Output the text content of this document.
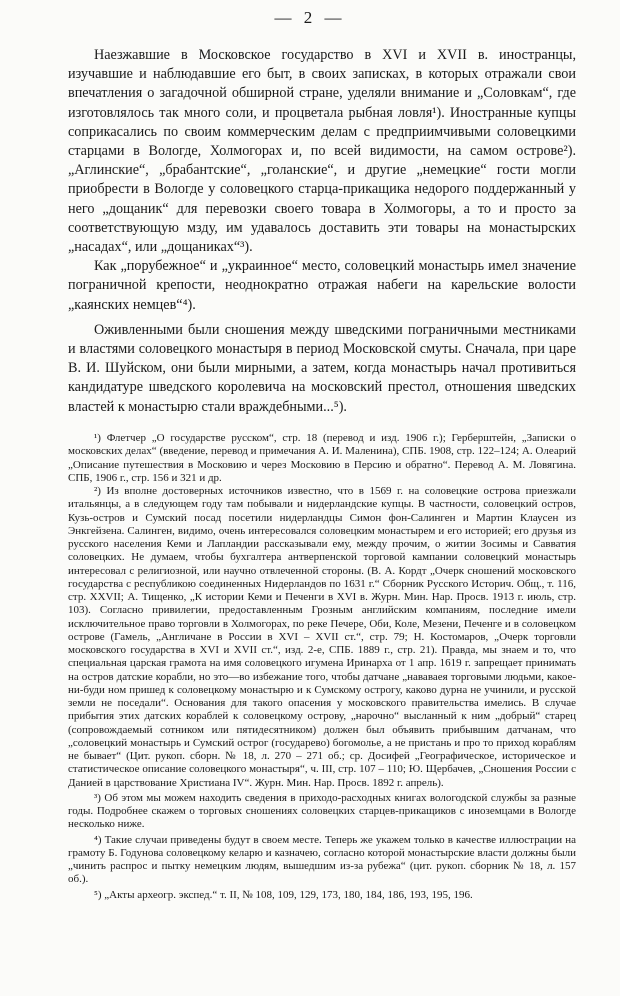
— 2 —

Наезжавшие в Московское государство в XVI и XVII в. иностранцы, изучавшие и наблюдавшие его быт, в своих записках, в которых отражали свои впечатления о загадочной обширной стране, уделяли внимание и „Соловкам“, где изготовлялось так много соли, и процветала рыбная ловля¹). Иностранные купцы соприкасались по своим коммерческим делам с предприимчивыми соловецкими старцами в Вологде, Холмогорах и, по всей видимости, на самом острове²). „Аглинские“, „брабантские“, „голанские“, и другие „немецкие“ гости могли приобрести в Вологде у соловецкого старца-прикащика недорого поддержанный у него „дощаник“ для перевозки своего товара в Холмогоры, а то и просто за соответствующую мзду, им удавалось доставить эти товары на монастырских „насадах“, или „дощаниках“³).

Как „порубежное“ и „украинное“ место, соловецкий монастырь имел значение пограничной крепости, неоднократно отражая набеги на карельские волости „каянских немцев“⁴).

Оживленными были сношения между шведскими пограничными местниками и властями соловецкого монастыря в период Московской смуты. Сначала, при царе В. И. Шуйском, они были мирными, а затем, когда монастырь начал противиться кандидатуре шведского королевича на московский престол, отношения шведских властей к монастырю стали враждебными...⁵).

¹) Флетчер „О государстве русском“, стр. 18 (перевод и изд. 1906 г.); Герберштейн, „Записки о московских делах“ (введение, перевод и примечания А. И. Маленина), СПБ. 1908, стр. 122–124; А. Олеарий „Описание путешествия в Московию и через Московию в Персию и обратно“. Перевод А. М. Ловягина. СПБ, 1906 г., стр. 156 и 321 и др.

²) Из вполне достоверных источников известно, что в 1569 г. на соловецкие острова приезжали итальянцы, а в следующем году там побывали и нидерландские купцы. В частности, соловецкий остров, Кузь-остров и Сумский посад посетили нидерландцы Симон фон-Салинген и Мартин Клаусен из Энкгейзена. Салинген, видимо, очень интересовался соловецким монастырем и его историей; его друзья из русского населения Кеми и Лапландии рассказывали ему, между прочим, о житии Зосимы и Савватия соловецких. Не думаем, чтобы бухгалтера антверпенской торговой кампании соловецкий монастырь интересовал с религиозной, или научно отвлеченной стороны. (В. А. Кордт „Очерк сношений московского государства с республикою соединенных Нидерландов по 1631 г.“ Сборник Русского Историч. Общ., т. 116, стр. XXVII; А. Тищенко, „К истории Кеми и Печенги в XVI в. Журн. Мин. Нар. Просв. 1913 г. июль, стр. 103). Согласно привилегии, предоставленным Грозным английским компаниям, последние имели исключительное право торговли в Холмогорах, по реке Печере, Оби, Коле, Мезени, Печенге и в соловецком острове (Гамель, „Англичане в России в XVI – XVII ст.“, стр. 79; Н. Костомаров, „Очерк торговли московского государства в XVI и XVII ст.“, изд. 2-е, СПБ. 1889 г., стр. 21). Правда, мы знаем и то, что специальная царская грамота на имя соловецкого игумена Иринарха от 1 апр. 1619 г. запрещает принимать на остров датские корабли, но это—во избежание того, чтобы датчане „нававаея торговыми людьми, какое-ни-буди ном пришед к соловецкому монастырю и к Сумскому острогу, каково дурна не учинили, и русской земли не поседали“. Основания для такого опасения у московского правительства имелись. В случае прибытия этих датских кораблей к соловецкому острову, „нарочно“ высланный к ним „добрый“ старец (сопровождаемый сотником или пятидесятником) должен был объявить прибывшим датчанам, что „соловецкий монастырь и Сумский острог (государево) богомолье, а не пристань и про то приход кораблям не бывает“ (Цит. рукоп. сборн. № 18, л. 270 – 271 об.; ср. Досифей „Географическое, историческое и статистическое описание соловецкого монастыря“, ч. III, стр. 107 – 110; Ю. Щербачев, „Сношения России с Данией в царствование Христиана IV“. Журн. Мин. Нар. Просв. 1892 г. апрель).

³) Об этом мы можем находить сведения в приходо-расходных книгах вологодской службы за разные годы. Подробнее скажем о торговых сношениях соловецких старцев-прикащиков с иноземцами в Вологде несколько ниже.

⁴) Такие случаи приведены будут в своем месте. Теперь же укажем только в качестве иллюстрации на грамоту Б. Годунова соловецкому келарю и казначею, согласно которой монастырские власти должны были „чинить распрос и пытку немецким людям, вышедшим из-за рубежа“ (цит. рукоп. сборник № 18, л. 157 об.).

⁵) „Акты археогр. экспед.“ т. II, № 108, 109, 129, 173, 180, 184, 186, 193, 195, 196.
